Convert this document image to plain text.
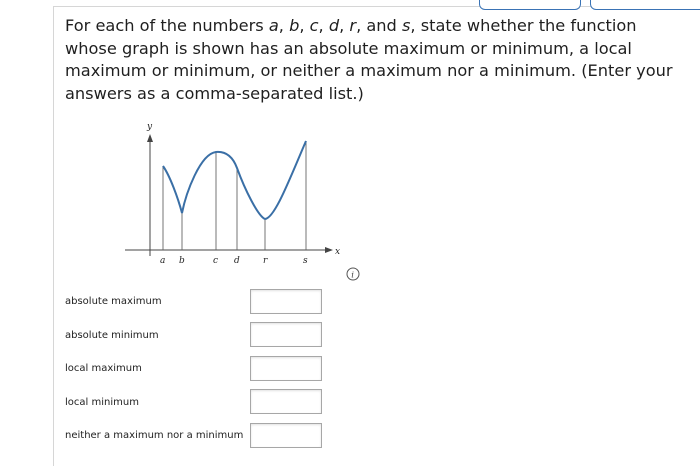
For each of the numbers a, b, c, d, r, and s, state whether the function whose graph is shown has an absolute maximum or minimum, a local maximum or minimum, or neither a maximum nor a minimum. (Enter your answers as a comma-separated list.)
y
x
a b	c d	r	s
i
absolute maximum
absolute minimum
local maximum
local minimum
neither a maximum nor a minimum
